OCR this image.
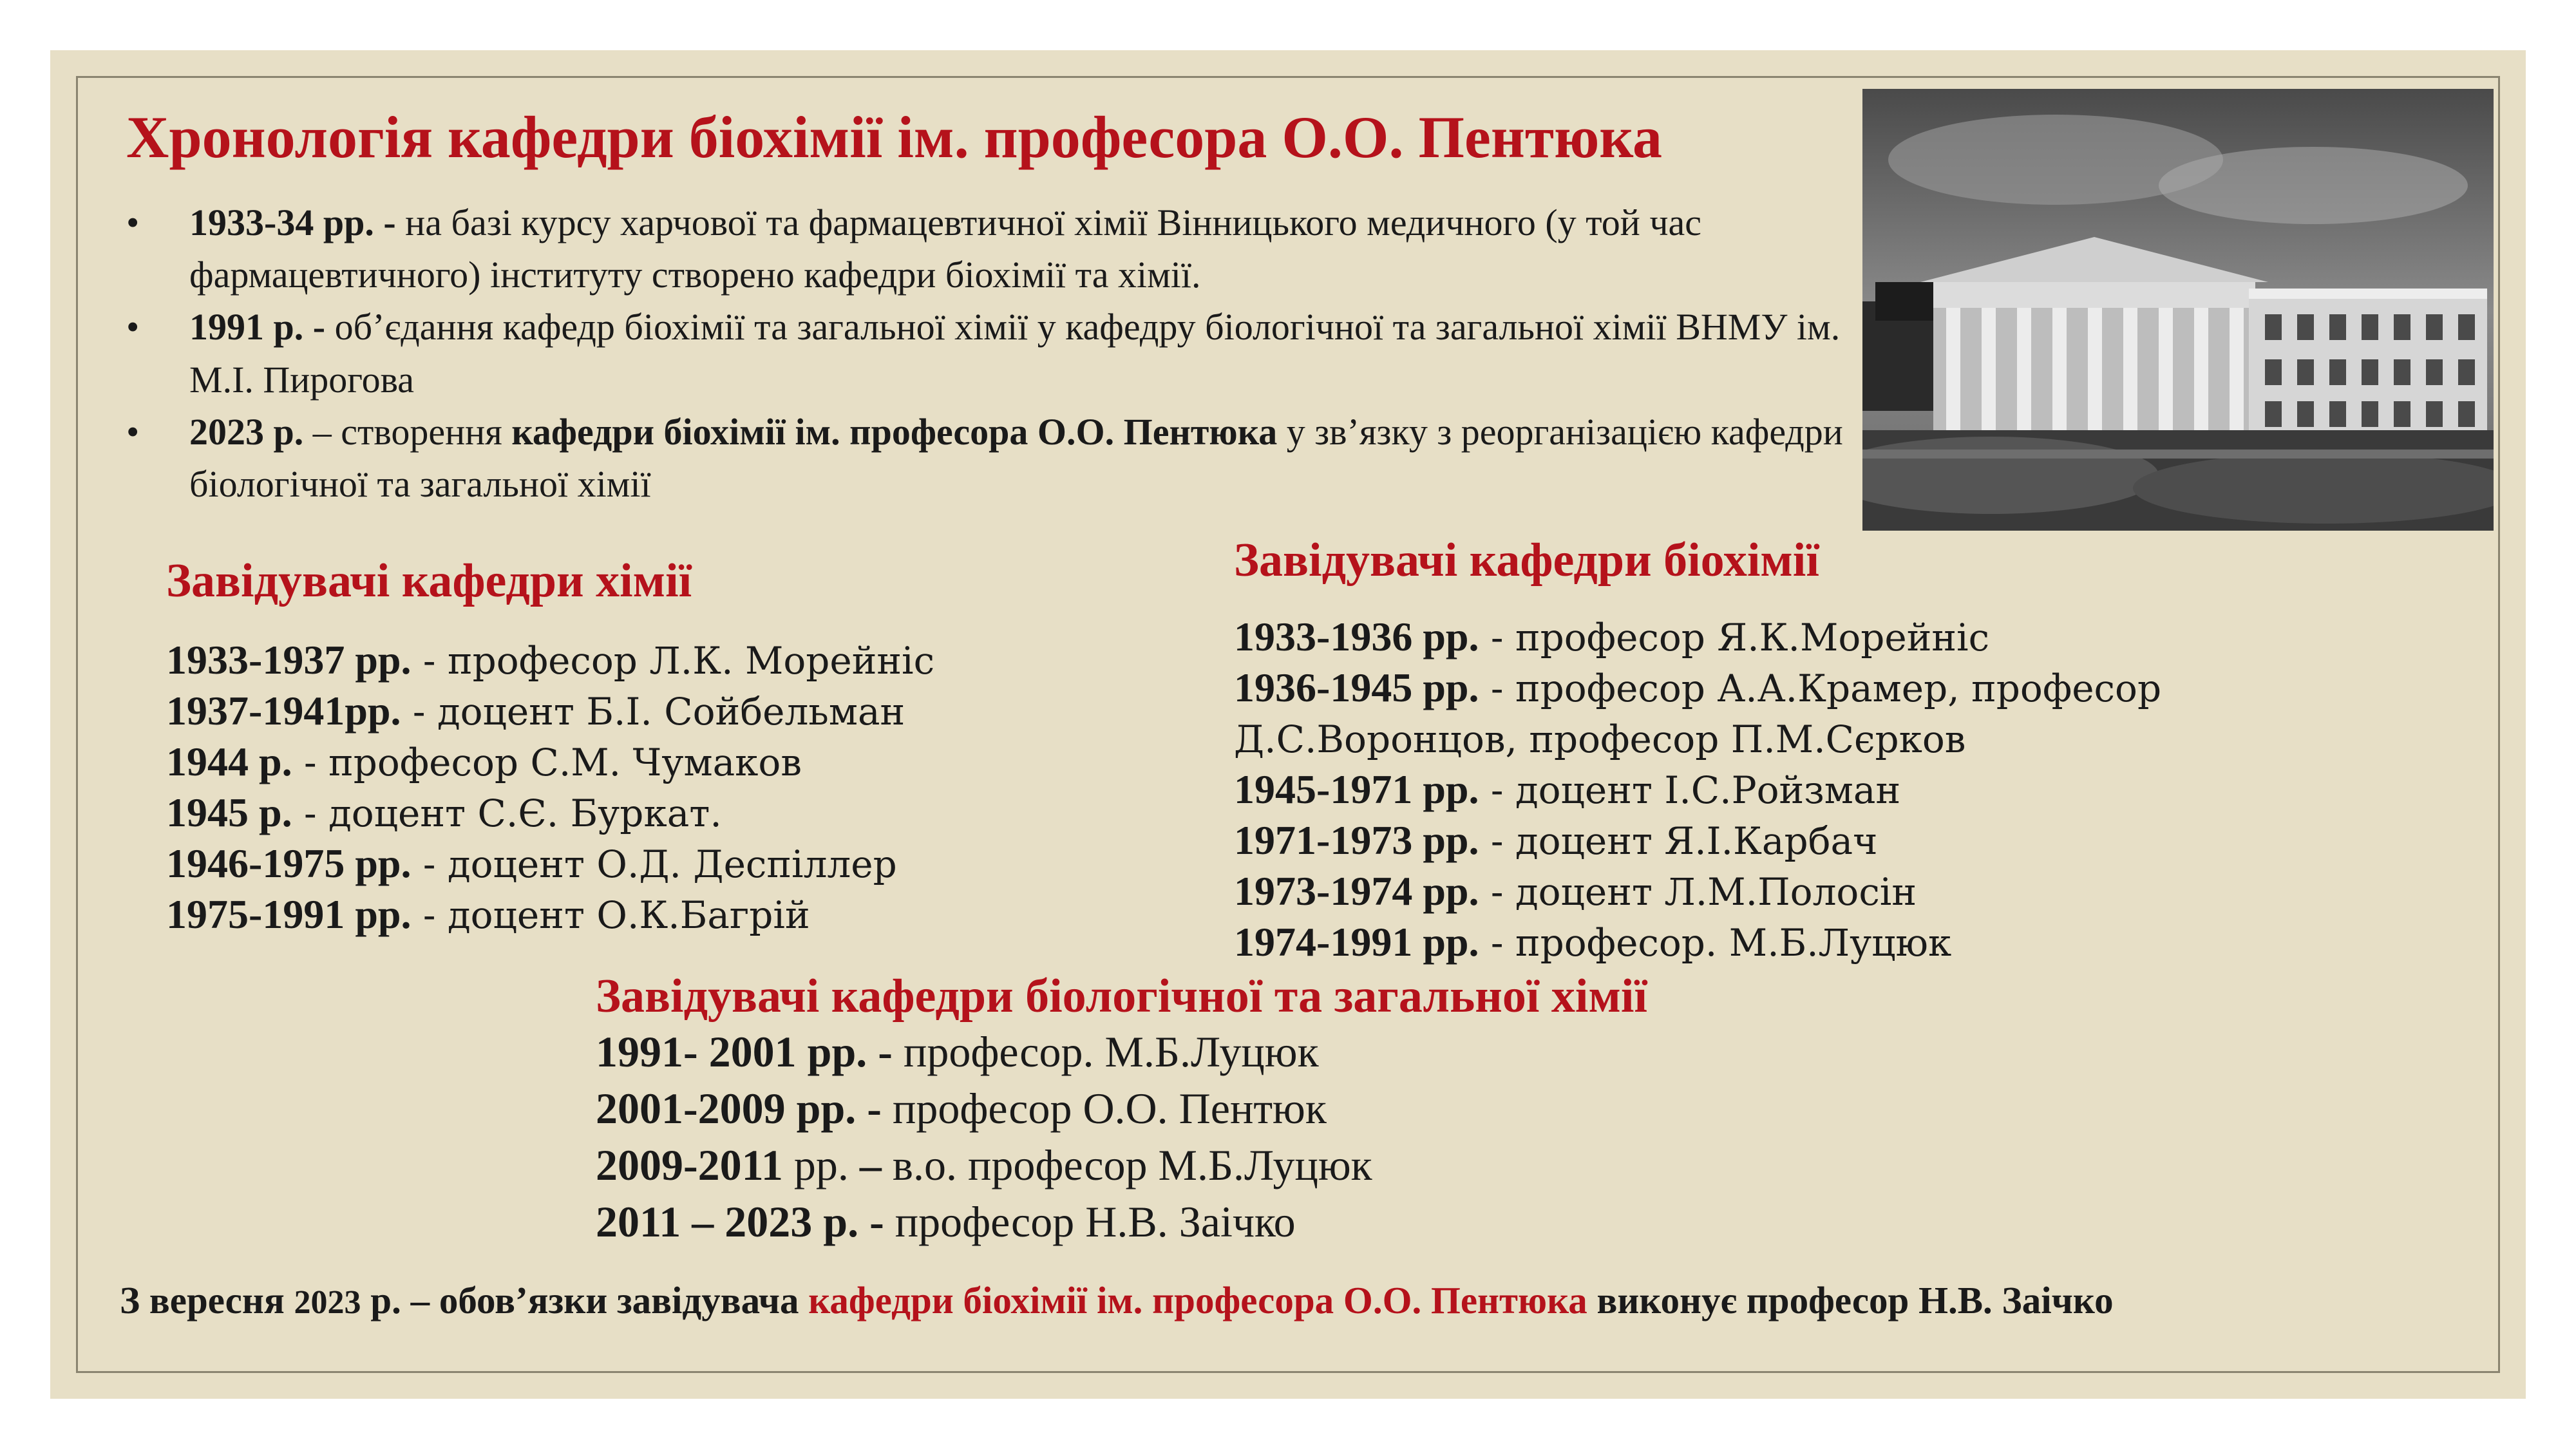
Хронологія кафедри біохімії ім. професора О.О. Пентюка
• 1933-34 рр. - на базі курсу харчової та фармацевтичної хімії Вінницького медичного (у той час фармацевтичного) інституту створено кафедри біохімії та хімії.
• 1991 р. - об’єдання кафедр біохімії та загальної хімії у кафедру біологічної та загальної хімії ВНМУ ім. М.І. Пирогова
• 2023 р. – створення кафедри біохімії ім. професора О.О. Пентюка у зв’язку з реорганізацією кафедри біологічної та загальної хімії
Завідувачі кафедри хімії
1933-1937 рр. - професор Л.К. Морейніс
1937-1941рр. - доцент Б.І. Сойбельман
1944 р. - професор С.М. Чумаков
1945 р. - доцент С.Є. Буркат.
1946-1975 рр. - доцент О.Д. Деспіллер
1975-1991 рр. - доцент О.К.Багрій
Завідувачі кафедри біохімії
1933-1936 рр. - професор Я.К.Морейніс
1936-1945 рр. - професор А.А.Крамер, професор
Д.С.Воронцов, професор П.М.Сєрков
1945-1971 рр. - доцент І.С.Ройзман
1971-1973 рр. - доцент Я.І.Карбач
1973-1974 рр. - доцент Л.М.Полосін
1974-1991 рр. - професор. М.Б.Луцюк
Завідувачі кафедри біологічної та загальної хімії
1991- 2001 рр. - професор. М.Б.Луцюк
2001-2009 рр. - професор О.О. Пентюк
2009-2011 рр. – в.о. професор М.Б.Луцюк
2011 – 2023 р. - професор Н.В. Заічко

З вересня 2023 р. – обов’язки завідувача кафедри біохімії ім. професора О.О. Пентюка виконує професор Н.В. Заічко
